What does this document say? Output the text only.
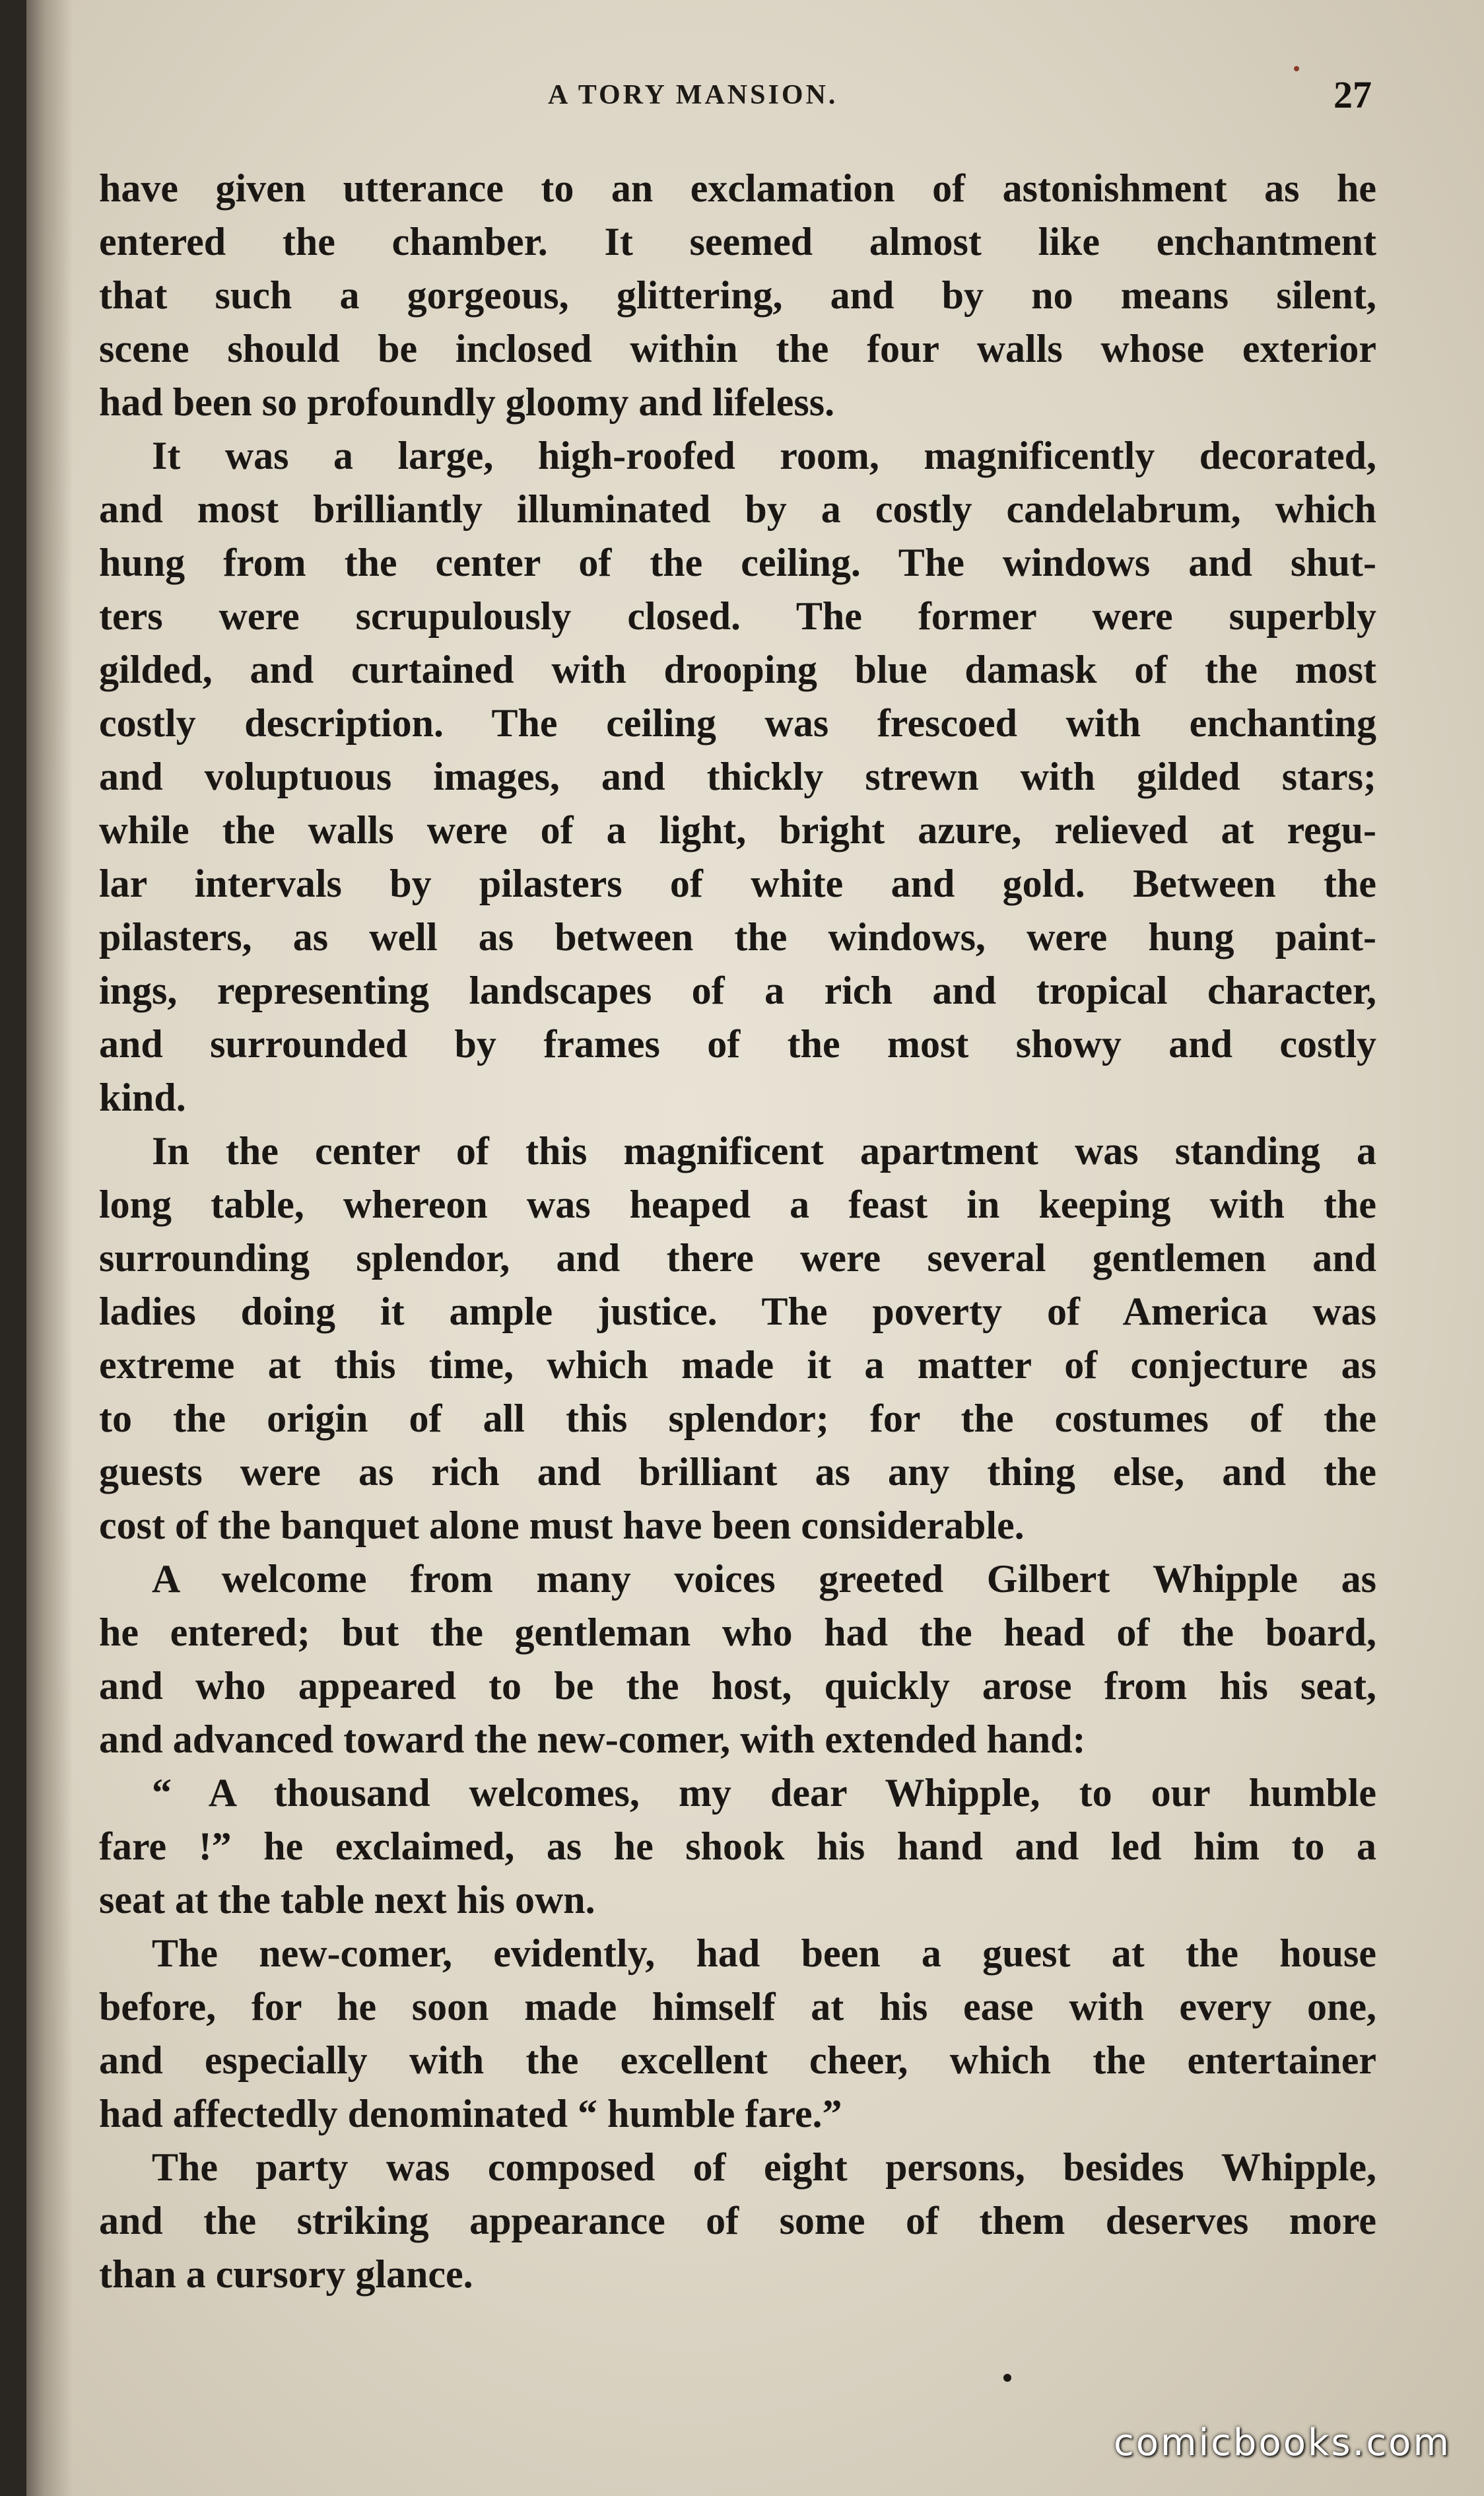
A TORY MANSION.	27
have given utterance to an exclamation of astonishment as he
entered the chamber. It seemed almost like enchantment
that such a gorgeous, glittering, and by no means silent,
scene should be inclosed within the four walls whose exterior
had been so profoundly gloomy and lifeless.
It was a large, high-roofed room, magnificently decorated,
and most brilliantly illuminated by a costly candelabrum, which
hung from the center of the ceiling. The windows and shut-
ters were scrupulously closed. The former were superbly
gilded, and curtained with drooping blue damask of the most
costly description. The ceiling was frescoed with enchanting
and voluptuous images, and thickly strewn with gilded stars;
while the walls were of a light, bright azure, relieved at regu-
lar intervals by pilasters of white and gold. Between the
pilasters, as well as between the windows, were hung paint-
ings, representing landscapes of a rich and tropical character,
and surrounded by frames of the most showy and costly
kind.
In the center of this magnificent apartment was standing a
long table, whereon was heaped a feast in keeping with the
surrounding splendor, and there were several gentlemen and
ladies doing it ample justice. The poverty of America was
extreme at this time, which made it a matter of conjecture as
to the origin of all this splendor; for the costumes of the
guests were as rich and brilliant as any thing else, and the
cost of the banquet alone must have been considerable.
A welcome from many voices greeted Gilbert Whipple as
he entered; but the gentleman who had the head of the board,
and who appeared to be the host, quickly arose from his seat,
and advanced toward the new-comer, with extended hand:
“ A thousand welcomes, my dear Whipple, to our humble
fare !” he exclaimed, as he shook his hand and led him to a
seat at the table next his own.
The new-comer, evidently, had been a guest at the house
before, for he soon made himself at his ease with every one,
and especially with the excellent cheer, which the entertainer
had affectedly denominated “ humble fare.”
The party was composed of eight persons, besides Whipple,
and the striking appearance of some of them deserves more
than a cursory glance.
comicbooks.com
